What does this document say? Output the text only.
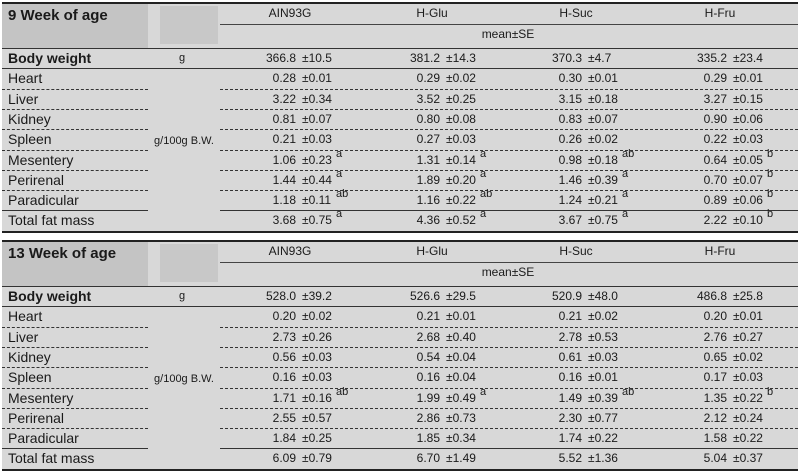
9 Week of age	AIN93G	H-Glu	H-Suc	H-Fru
mean±SE
Body weight	g	366.8 ±10.5	381.2 ±14.3	370.3 ±4.7	335.2 ±23.4
Heart	0.28 ±0.01	0.29 ±0.02	0.30 ±0.01	0.29 ±0.01
Liver	3.22 ±0.34	3.52 ±0.25	3.15 ±0.18	3.27 ±0.15
Kidney	0.81 ±0.07	0.80 ±0.08	0.83 ±0.07	0.90 ±0.06
Spleen	0.21 ±0.03	0.27 ±0.03	0.26 ±0.02	0.22 ±0.03
Mesentery	1.06 ±0.23 a	1.31 ±0.14 a	0.98 ±0.18 ab	0.64 ±0.05 b
Perirenal	1.44 ±0.44 a	1.89 ±0.20 a	1.46 ±0.39 a	0.70 ±0.07 b
Paradicular	1.18 ±0.11 ab	1.16 ±0.22 ab	1.24 ±0.21 a	0.89 ±0.06 b
Total fat mass	3.68 ±0.75 a	4.36 ±0.52 a	3.67 ±0.75 a	2.22 ±0.10 b
g/100g B.W.
13 Week of age	AIN93G	H-Glu	H-Suc	H-Fru
mean±SE
Body weight	g	528.0 ±39.2	526.6 ±29.5	520.9 ±48.0	486.8 ±25.8
Heart	0.20 ±0.02	0.21 ±0.01	0.21 ±0.02	0.20 ±0.01
Liver	2.73 ±0.26	2.68 ±0.40	2.78 ±0.53	2.76 ±0.27
Kidney	0.56 ±0.03	0.54 ±0.04	0.61 ±0.03	0.65 ±0.02
Spleen	0.16 ±0.03	0.16 ±0.04	0.16 ±0.01	0.17 ±0.03
Mesentery	1.71 ±0.16 ab	1.99 ±0.49 a	1.49 ±0.39 ab	1.35 ±0.22 b
Perirenal	2.55 ±0.57	2.86 ±0.73	2.30 ±0.77	2.12 ±0.24
Paradicular	1.84 ±0.25	1.85 ±0.34	1.74 ±0.22	1.58 ±0.22
Total fat mass	6.09 ±0.79	6.70 ±1.49	5.52 ±1.36	5.04 ±0.37
g/100g B.W.
